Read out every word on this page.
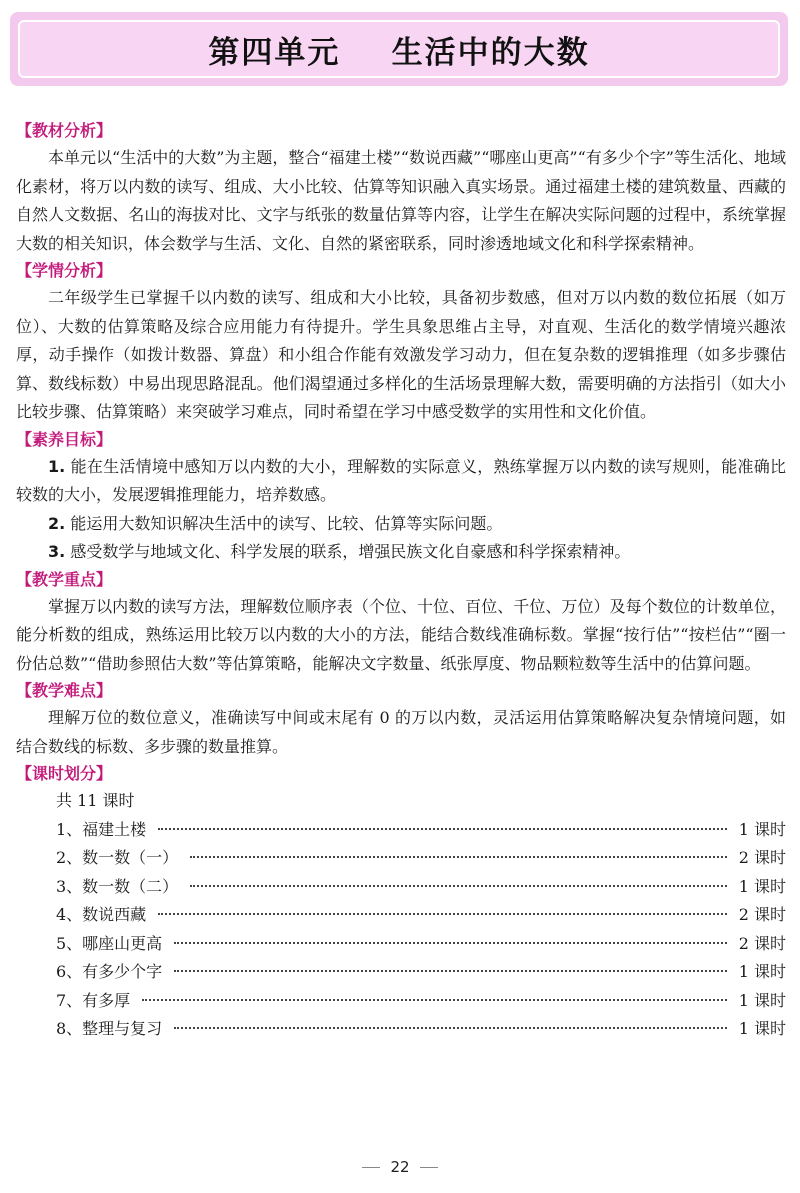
第四单元    生活中的大数
【教材分析】

本单元以“生活中的大数”为主题，整合“福建土楼”“数说西藏”“哪座山更高”“有多少个字”等生活化、地域化素材，将万以内数的读写、组成、大小比较、估算等知识融入真实场景。通过福建土楼的建筑数量、西藏的自然人文数据、名山的海拔对比、文字与纸张的数量估算等内容，让学生在解决实际问题的过程中，系统掌握大数的相关知识，体会数学与生活、文化、自然的紧密联系，同时渗透地域文化和科学探索精神。

【学情分析】

二年级学生已掌握千以内数的读写、组成和大小比较，具备初步数感，但对万以内数的数位拓展（如万位）、大数的估算策略及综合应用能力有待提升。学生具象思维占主导，对直观、生活化的数学情境兴趣浓厚，动手操作（如拨计数器、算盘）和小组合作能有效激发学习动力，但在复杂数的逻辑推理（如多步骤估算、数线标数）中易出现思路混乱。他们渴望通过多样化的生活场景理解大数，需要明确的方法指引（如大小比较步骤、估算策略）来突破学习难点，同时希望在学习中感受数学的实用性和文化价值。

【素养目标】

1. 能在生活情境中感知万以内数的大小，理解数的实际意义，熟练掌握万以内数的读写规则，能准确比较数的大小，发展逻辑推理能力，培养数感。

2. 能运用大数知识解决生活中的读写、比较、估算等实际问题。

3. 感受数学与地域文化、科学发展的联系，增强民族文化自豪感和科学探索精神。

【教学重点】

掌握万以内数的读写方法，理解数位顺序表（个位、十位、百位、千位、万位）及每个数位的计数单位，能分析数的组成，熟练运用比较万以内数的大小的方法，能结合数线准确标数。掌握“按行估”“按栏估”“圈一份估总数”“借助参照估大数”等估算策略，能解决文字数量、纸张厚度、物品颗粒数等生活中的估算问题。

【教学难点】

理解万位的数位意义，准确读写中间或末尾有 0 的万以内数，灵活运用估算策略解决复杂情境问题，如结合数线的标数、多步骤的数量推算。

【课时划分】
共 11 课时
1、福建土楼	1 课时
2、数一数（一）	2 课时
3、数一数（二）	1 课时
4、数说西藏	2 课时
5、哪座山更高	2 课时
6、有多少个字	1 课时
7、有多厚	1 课时
8、整理与复习	1 课时
22
